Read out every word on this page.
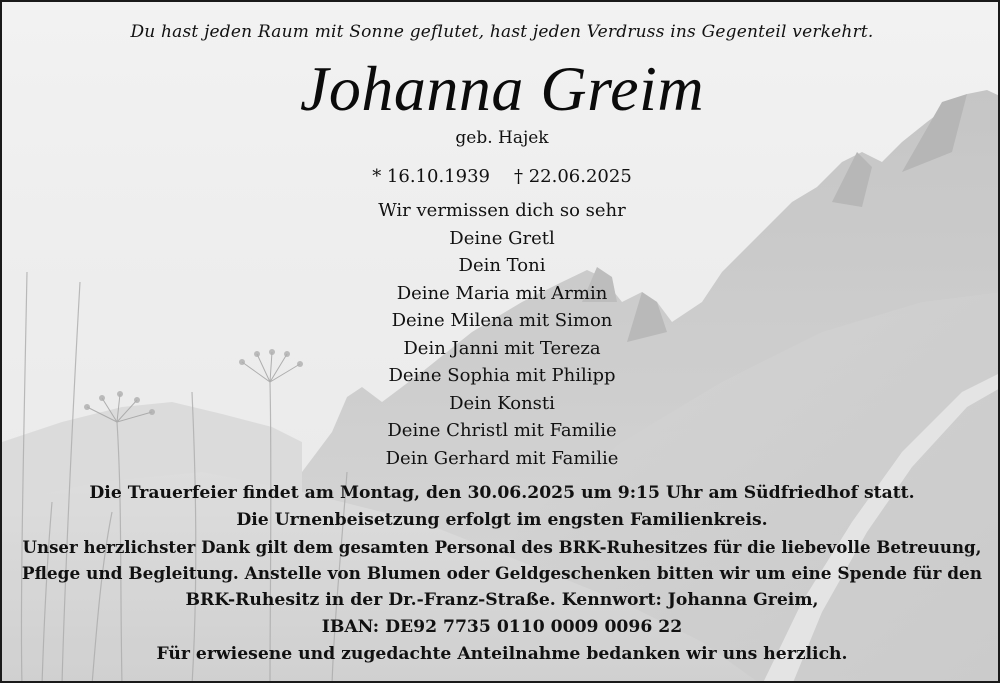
Du hast jeden Raum mit Sonne geflutet, hast jeden Verdruss ins Gegenteil verkehrt.
Johanna Greim
geb. Hajek
* 16.10.1939 † 22.06.2025
Wir vermissen dich so sehr
Deine Gretl
Dein Toni
Deine Maria mit Armin
Deine Milena mit Simon
Dein Janni mit Tereza
Deine Sophia mit Philipp
Dein Konsti
Deine Christl mit Familie
Dein Gerhard mit Familie
Die Trauerfeier findet am Montag, den 30.06.2025 um 9:15 Uhr am Südfriedhof statt.
Die Urnenbeisetzung erfolgt im engsten Familienkreis.
Unser herzlichster Dank gilt dem gesamten Personal des BRK-Ruhesitzes für die liebevolle Betreuung,
Pflege und Begleitung. Anstelle von Blumen oder Geldgeschenken bitten wir um eine Spende für den
BRK-Ruhesitz in der Dr.-Franz-Straße. Kennwort: Johanna Greim,
IBAN: DE92 7735 0110 0009 0096 22
Für erwiesene und zugedachte Anteilnahme bedanken wir uns herzlich.
